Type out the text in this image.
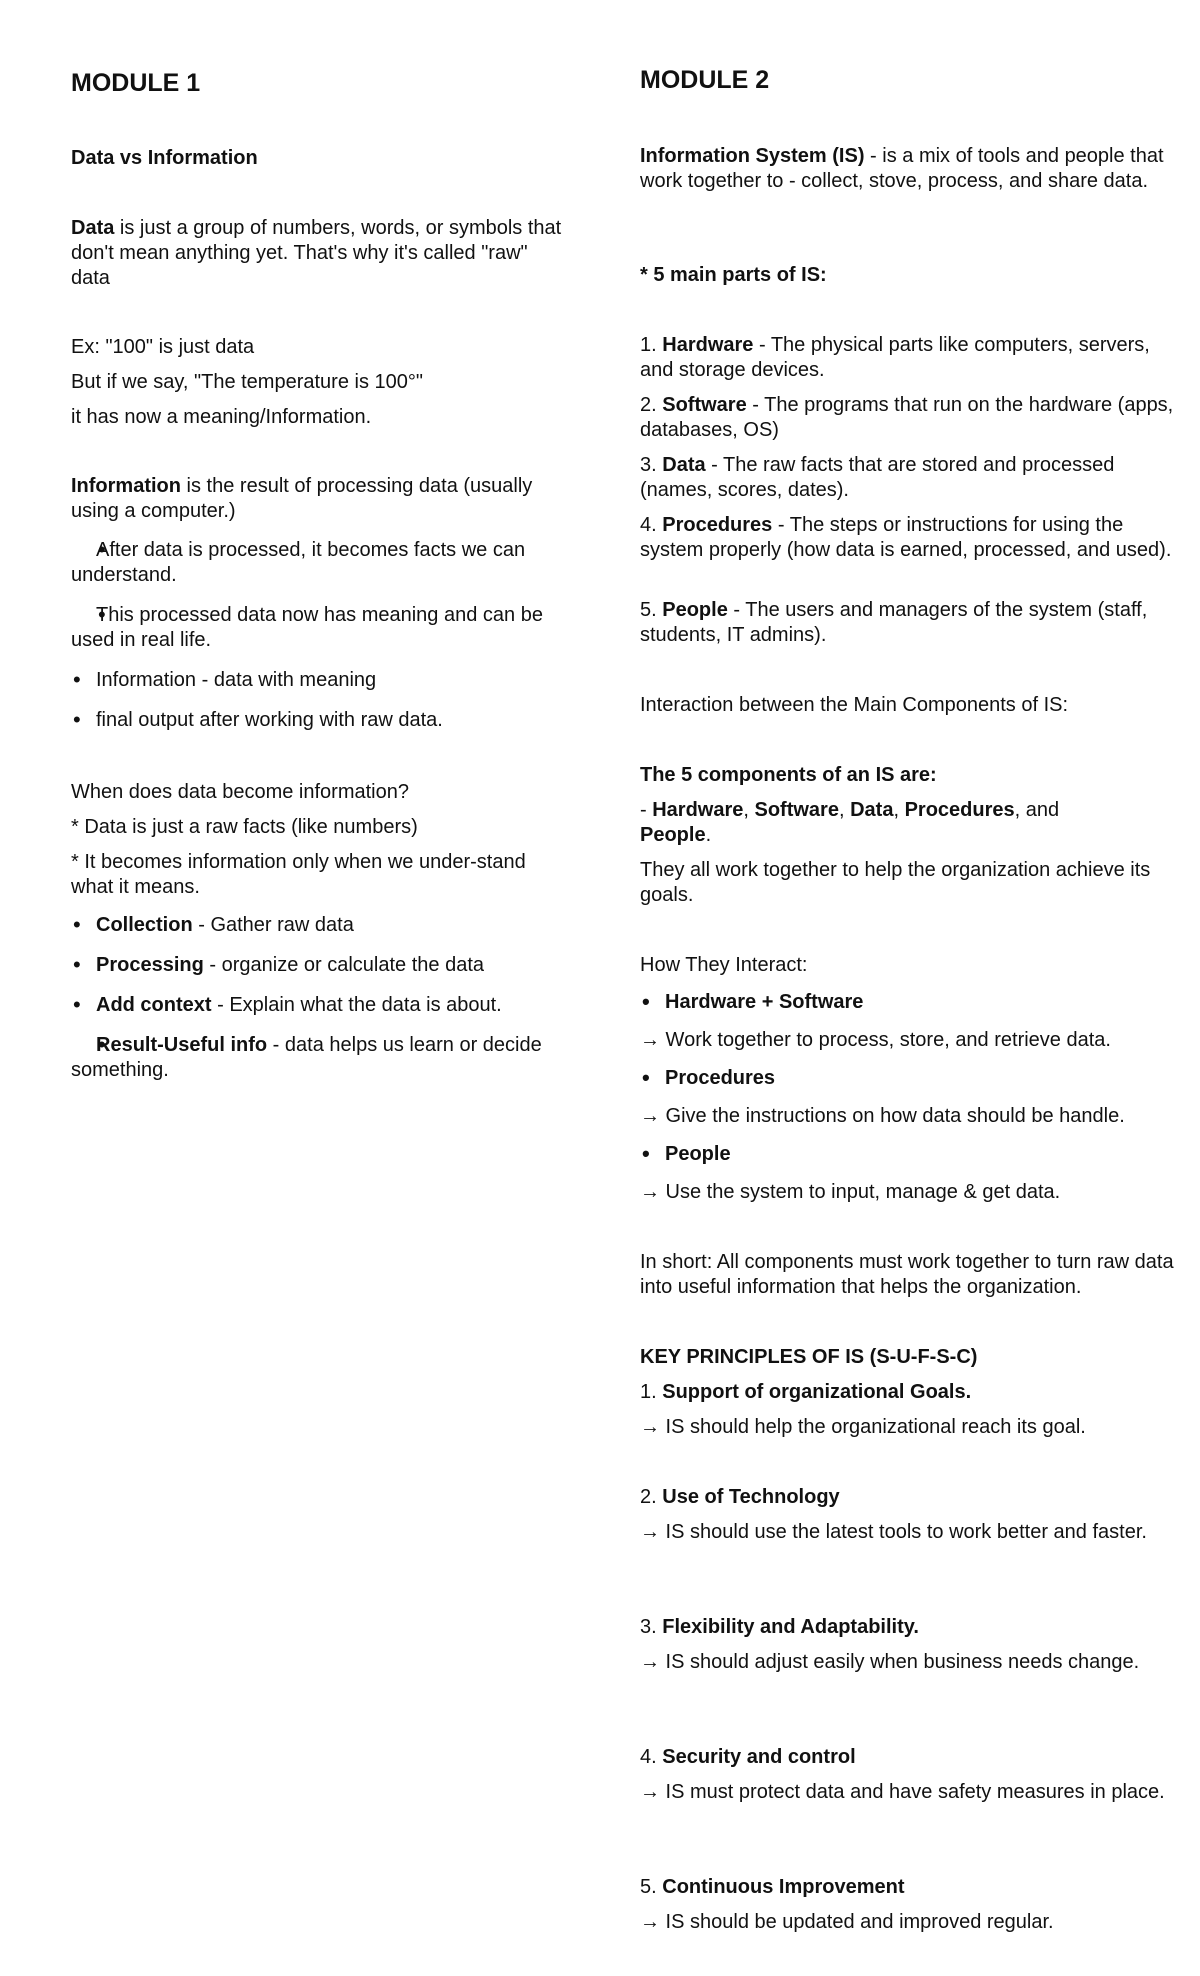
MODULE 1
Data vs Information
Data is just a group of numbers, words, or symbols that don't mean anything yet. That's why it's called "raw" data
Ex: "100" is just data
But if we say, "The temperature is 100°"
it has now a meaning/Information.
Information is the result of processing data (usually using a computer.)
• After data is processed, it becomes facts we can understand.
• This processed data now has meaning and can be used in real life.
• Information - data with meaning
• final output after working with raw data.
When does data become information?
* Data is just a raw facts (like numbers)
* It becomes information only when we under-stand what it means.
• Collection - Gather raw data
• Processing - organize or calculate the data
• Add context - Explain what the data is about.
• Result-Useful info - data helps us learn or decide something.
MODULE 2
Information System (IS) - is a mix of tools and people that work together to - collect, stove, process, and share data.
* 5 main parts of IS:
1. Hardware - The physical parts like computers, servers, and storage devices.
2. Software - The programs that run on the hardware (apps, databases, OS)
3. Data - The raw facts that are stored and processed (names, scores, dates).
4. Procedures - The steps or instructions for using the system properly (how data is earned, processed, and used).
5. People - The users and managers of the system (staff, students, IT admins).
Interaction between the Main Components of IS:
The 5 components of an IS are:
- Hardware, Software, Data, Procedures, and
People.
They all work together to help the organization achieve its goals.
How They Interact:
• Hardware + Software
→ Work together to process, store, and retrieve data.
• Procedures
→ Give the instructions on how data should be handle.
• People
→ Use the system to input, manage & get data.
In short: All components must work together to turn raw data into useful information that helps the organization.
KEY PRINCIPLES OF IS (S-U-F-S-C)
1. Support of organizational Goals.
→ IS should help the organizational reach its goal.
2. Use of Technology
→ IS should use the latest tools to work better and faster.
3. Flexibility and Adaptability.
→ IS should adjust easily when business needs change.
4. Security and control
→ IS must protect data and have safety measures in place.
5. Continuous Improvement
→ IS should be updated and improved regular.
